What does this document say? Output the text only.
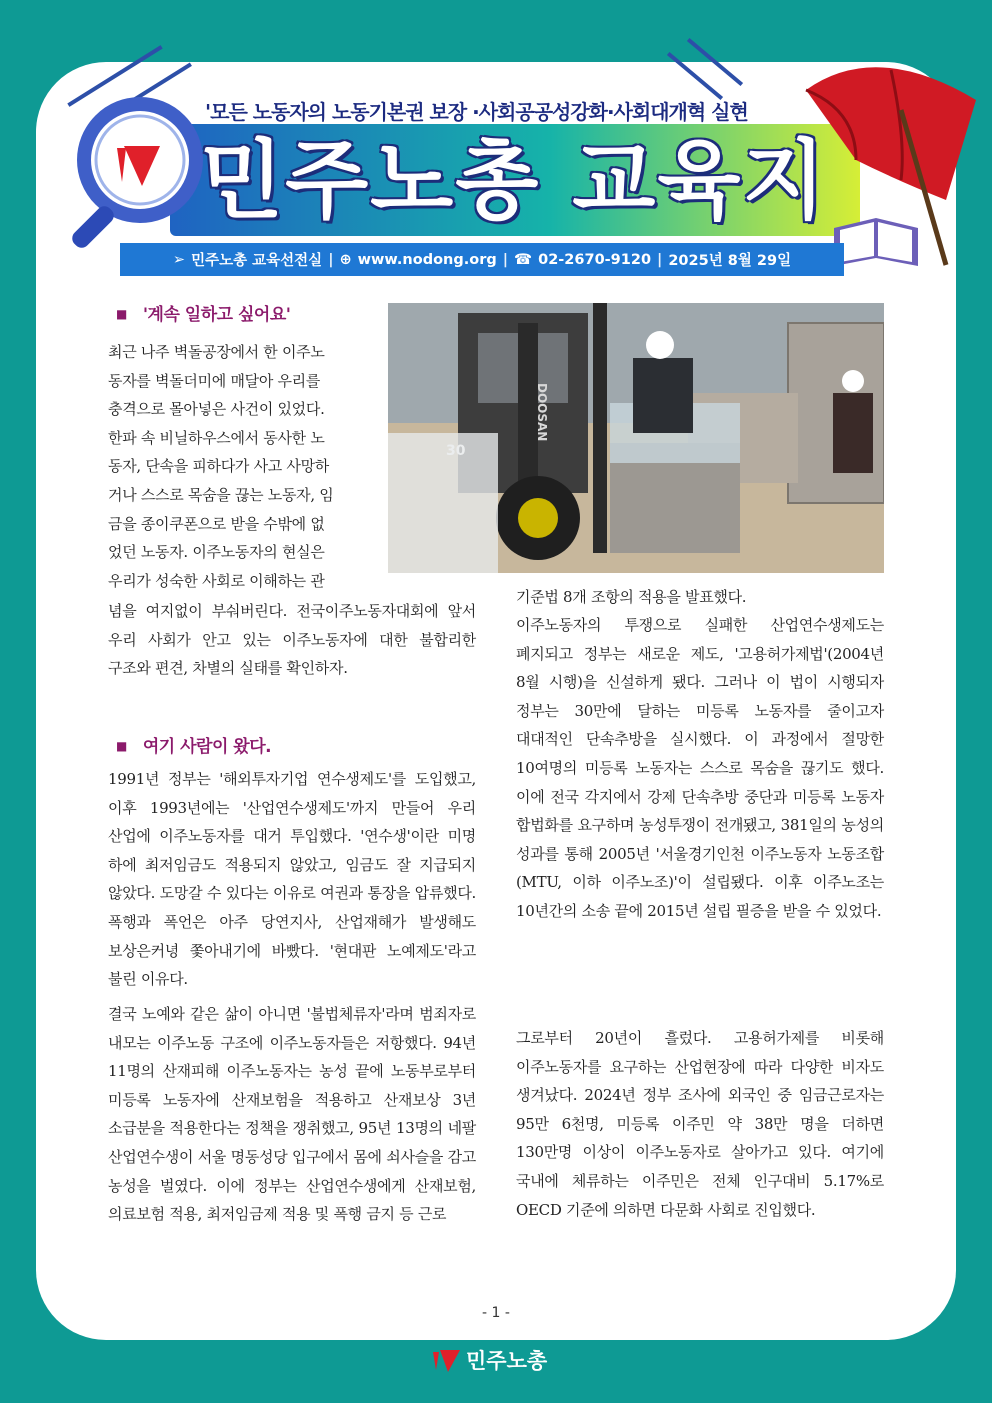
'모든 노동자의 노동기본권 보장 ·사회공공성강화·사회대개혁 실현
민주노총 교육지
➢ 민주노총 교육선전실 | ⊕ www.nodong.org | ☎ 02-2670-9120 | 2025년 8월 29일
■ '계속 일하고 싶어요'
최근 나주 벽돌공장에서 한 이주노
동자를 벽돌더미에 매달아 우리를
충격으로 몰아넣은 사건이 있었다.
한파 속 비닐하우스에서 동사한 노
동자, 단속을 피하다가 사고 사망하
거나 스스로 목숨을 끊는 노동자, 임
금을 종이쿠폰으로 받을 수밖에 없
었던 노동자. 이주노동자의 현실은
우리가 성숙한 사회로 이해하는 관
념을 여지없이 부숴버린다. 전국이주노동자대회에 앞서 우리 사회가 안고 있는 이주노동자에 대한 불합리한 구조와 편견, 차별의 실태를 확인하자.
DOOSAN
■ 여기 사람이 왔다.
1991년 정부는 '해외투자기업 연수생제도'를 도입했고, 이후 1993년에는 '산업연수생제도'까지 만들어 우리 산업에 이주노동자를 대거 투입했다. '연수생'이란 미명 하에 최저임금도 적용되지 않았고, 임금도 잘 지급되지 않았다. 도망갈 수 있다는 이유로 여권과 통장을 압류했다. 폭행과 폭언은 아주 당연지사, 산업재해가 발생해도 보상은커녕 쫓아내기에 바빴다. '현대판 노예제도'라고 불린 이유다.
결국 노예와 같은 삶이 아니면 '불법체류자'라며 범죄자로 내모는 이주노동 구조에 이주노동자들은 저항했다. 94년 11명의 산재피해 이주노동자는 농성 끝에 노동부로부터 미등록 노동자에 산재보험을 적용하고 산재보상 3년 소급분을 적용한다는 정책을 쟁취했고, 95년 13명의 네팔 산업연수생이 서울 명동성당 입구에서 몸에 쇠사슬을 감고 농성을 벌였다. 이에 정부는 산업연수생에게 산재보험, 의료보험 적용, 최저임금제 적용 및 폭행 금지 등 근로
기준법 8개 조항의 적용을 발표했다.
이주노동자의 투쟁으로 실패한 산업연수생제도는 폐지되고 정부는 새로운 제도, '고용허가제법'(2004년 8월 시행)을 신설하게 됐다. 그러나 이 법이 시행되자 정부는 30만에 달하는 미등록 노동자를 줄이고자 대대적인 단속추방을 실시했다. 이 과정에서 절망한 10여명의 미등록 노동자는 스스로 목숨을 끊기도 했다. 이에 전국 각지에서 강제 단속추방 중단과 미등록 노동자 합법화를 요구하며 농성투쟁이 전개됐고, 381일의 농성의 성과를 통해 2005년 '서울경기인천 이주노동자 노동조합(MTU, 이하 이주노조)'이 설립됐다. 이후 이주노조는 10년간의 소송 끝에 2015년 설립 필증을 받을 수 있었다.
그로부터 20년이 흘렀다. 고용허가제를 비롯해 이주노동자를 요구하는 산업현장에 따라 다양한 비자도 생겨났다. 2024년 정부 조사에 외국인 중 임금근로자는 95만 6천명, 미등록 이주민 약 38만 명을 더하면 130만명 이상이 이주노동자로 살아가고 있다. 여기에 국내에 체류하는 이주민은 전체 인구대비 5.17%로 OECD 기준에 의하면 다문화 사회로 진입했다.
- 1 -
민주노총
